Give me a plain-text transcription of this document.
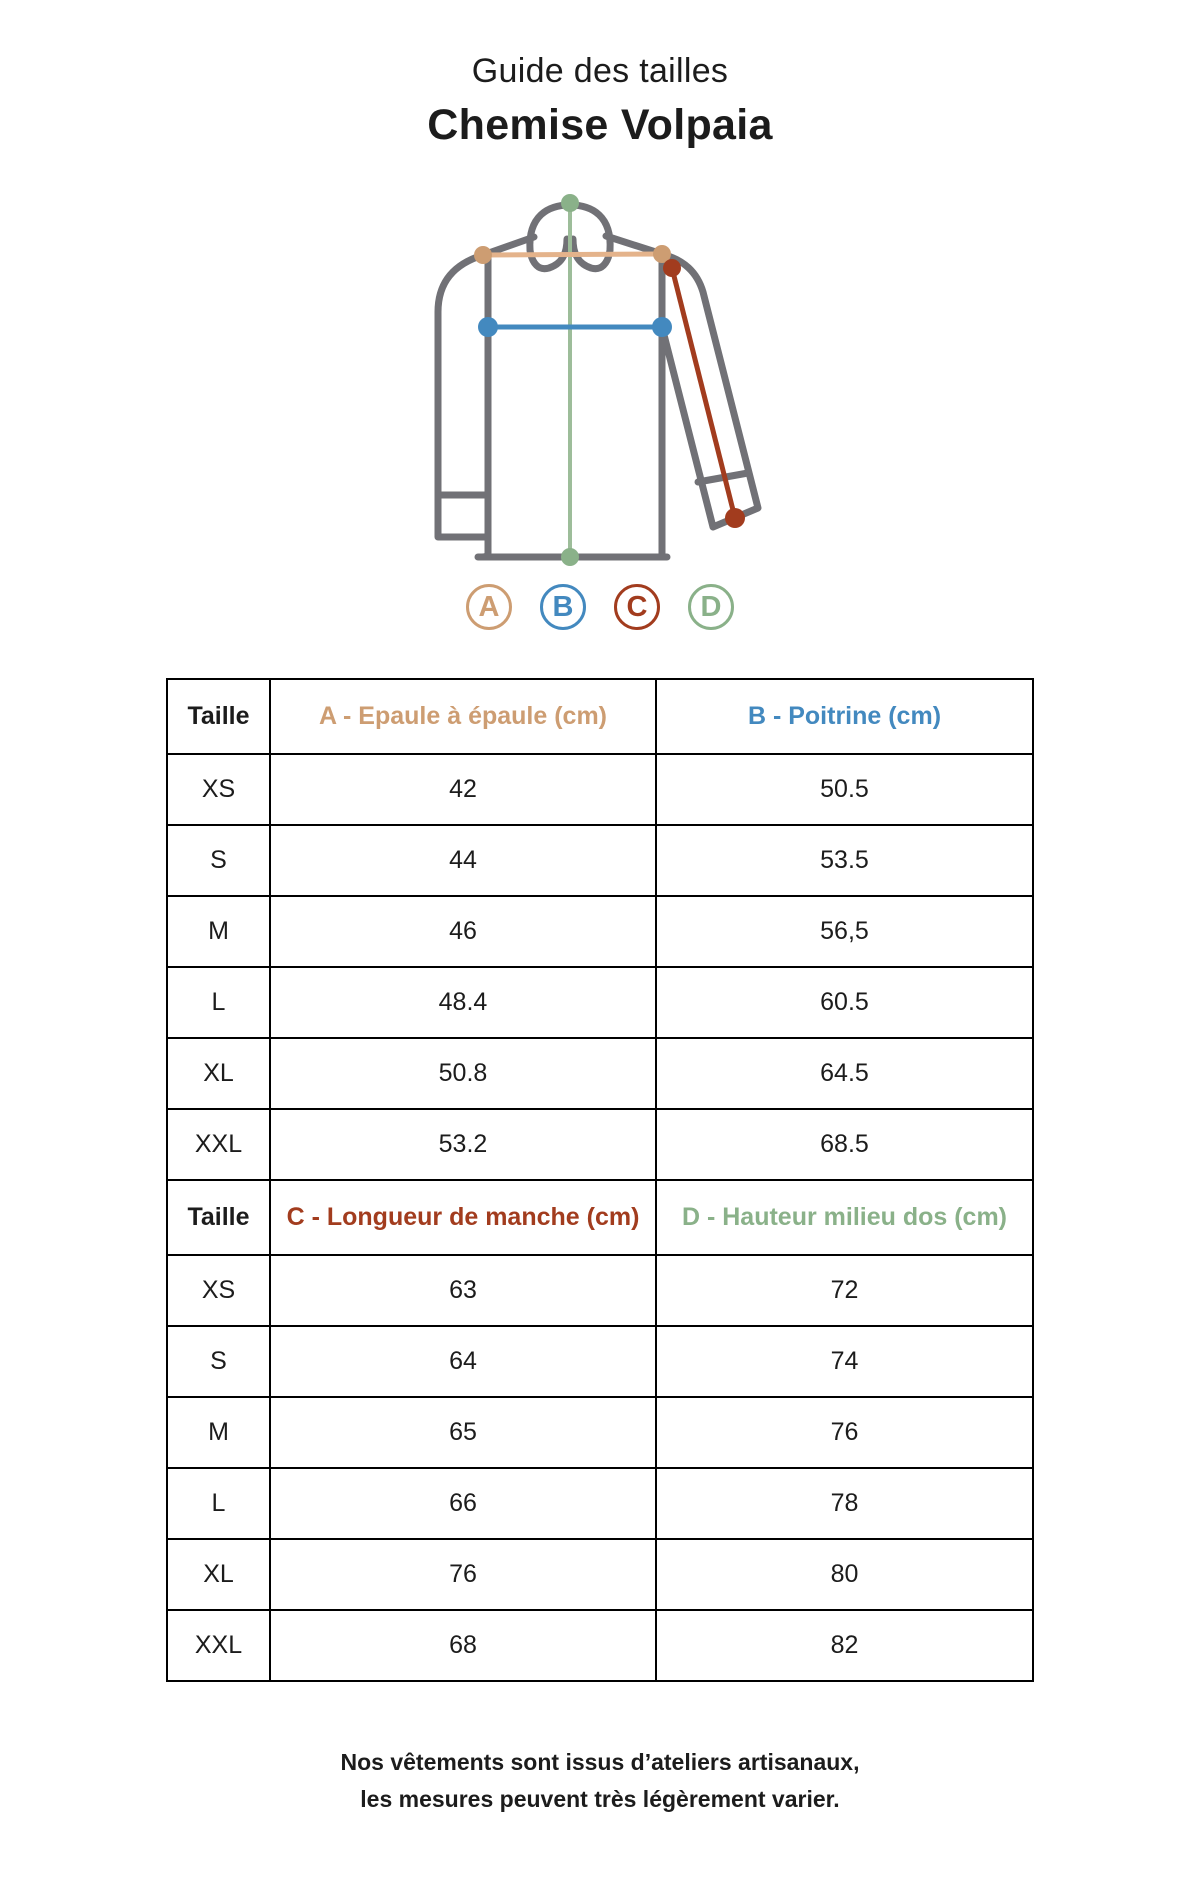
Guide des tailles
Chemise Volpaia
A	B	C	D
Taille	A - Epaule à épaule (cm)	B - Poitrine (cm)
XS	42	50.5
S	44	53.5
M	46	56,5
L	48.4	60.5
XL	50.8	64.5
XXL	53.2	68.5
Taille	C - Longueur de manche (cm)	D - Hauteur milieu dos (cm)
XS	63	72
S	64	74
M	65	76
L	66	78
XL	76	80
XXL	68	82
Nos vêtements sont issus d’ateliers artisanaux,
les mesures peuvent très légèrement varier.
